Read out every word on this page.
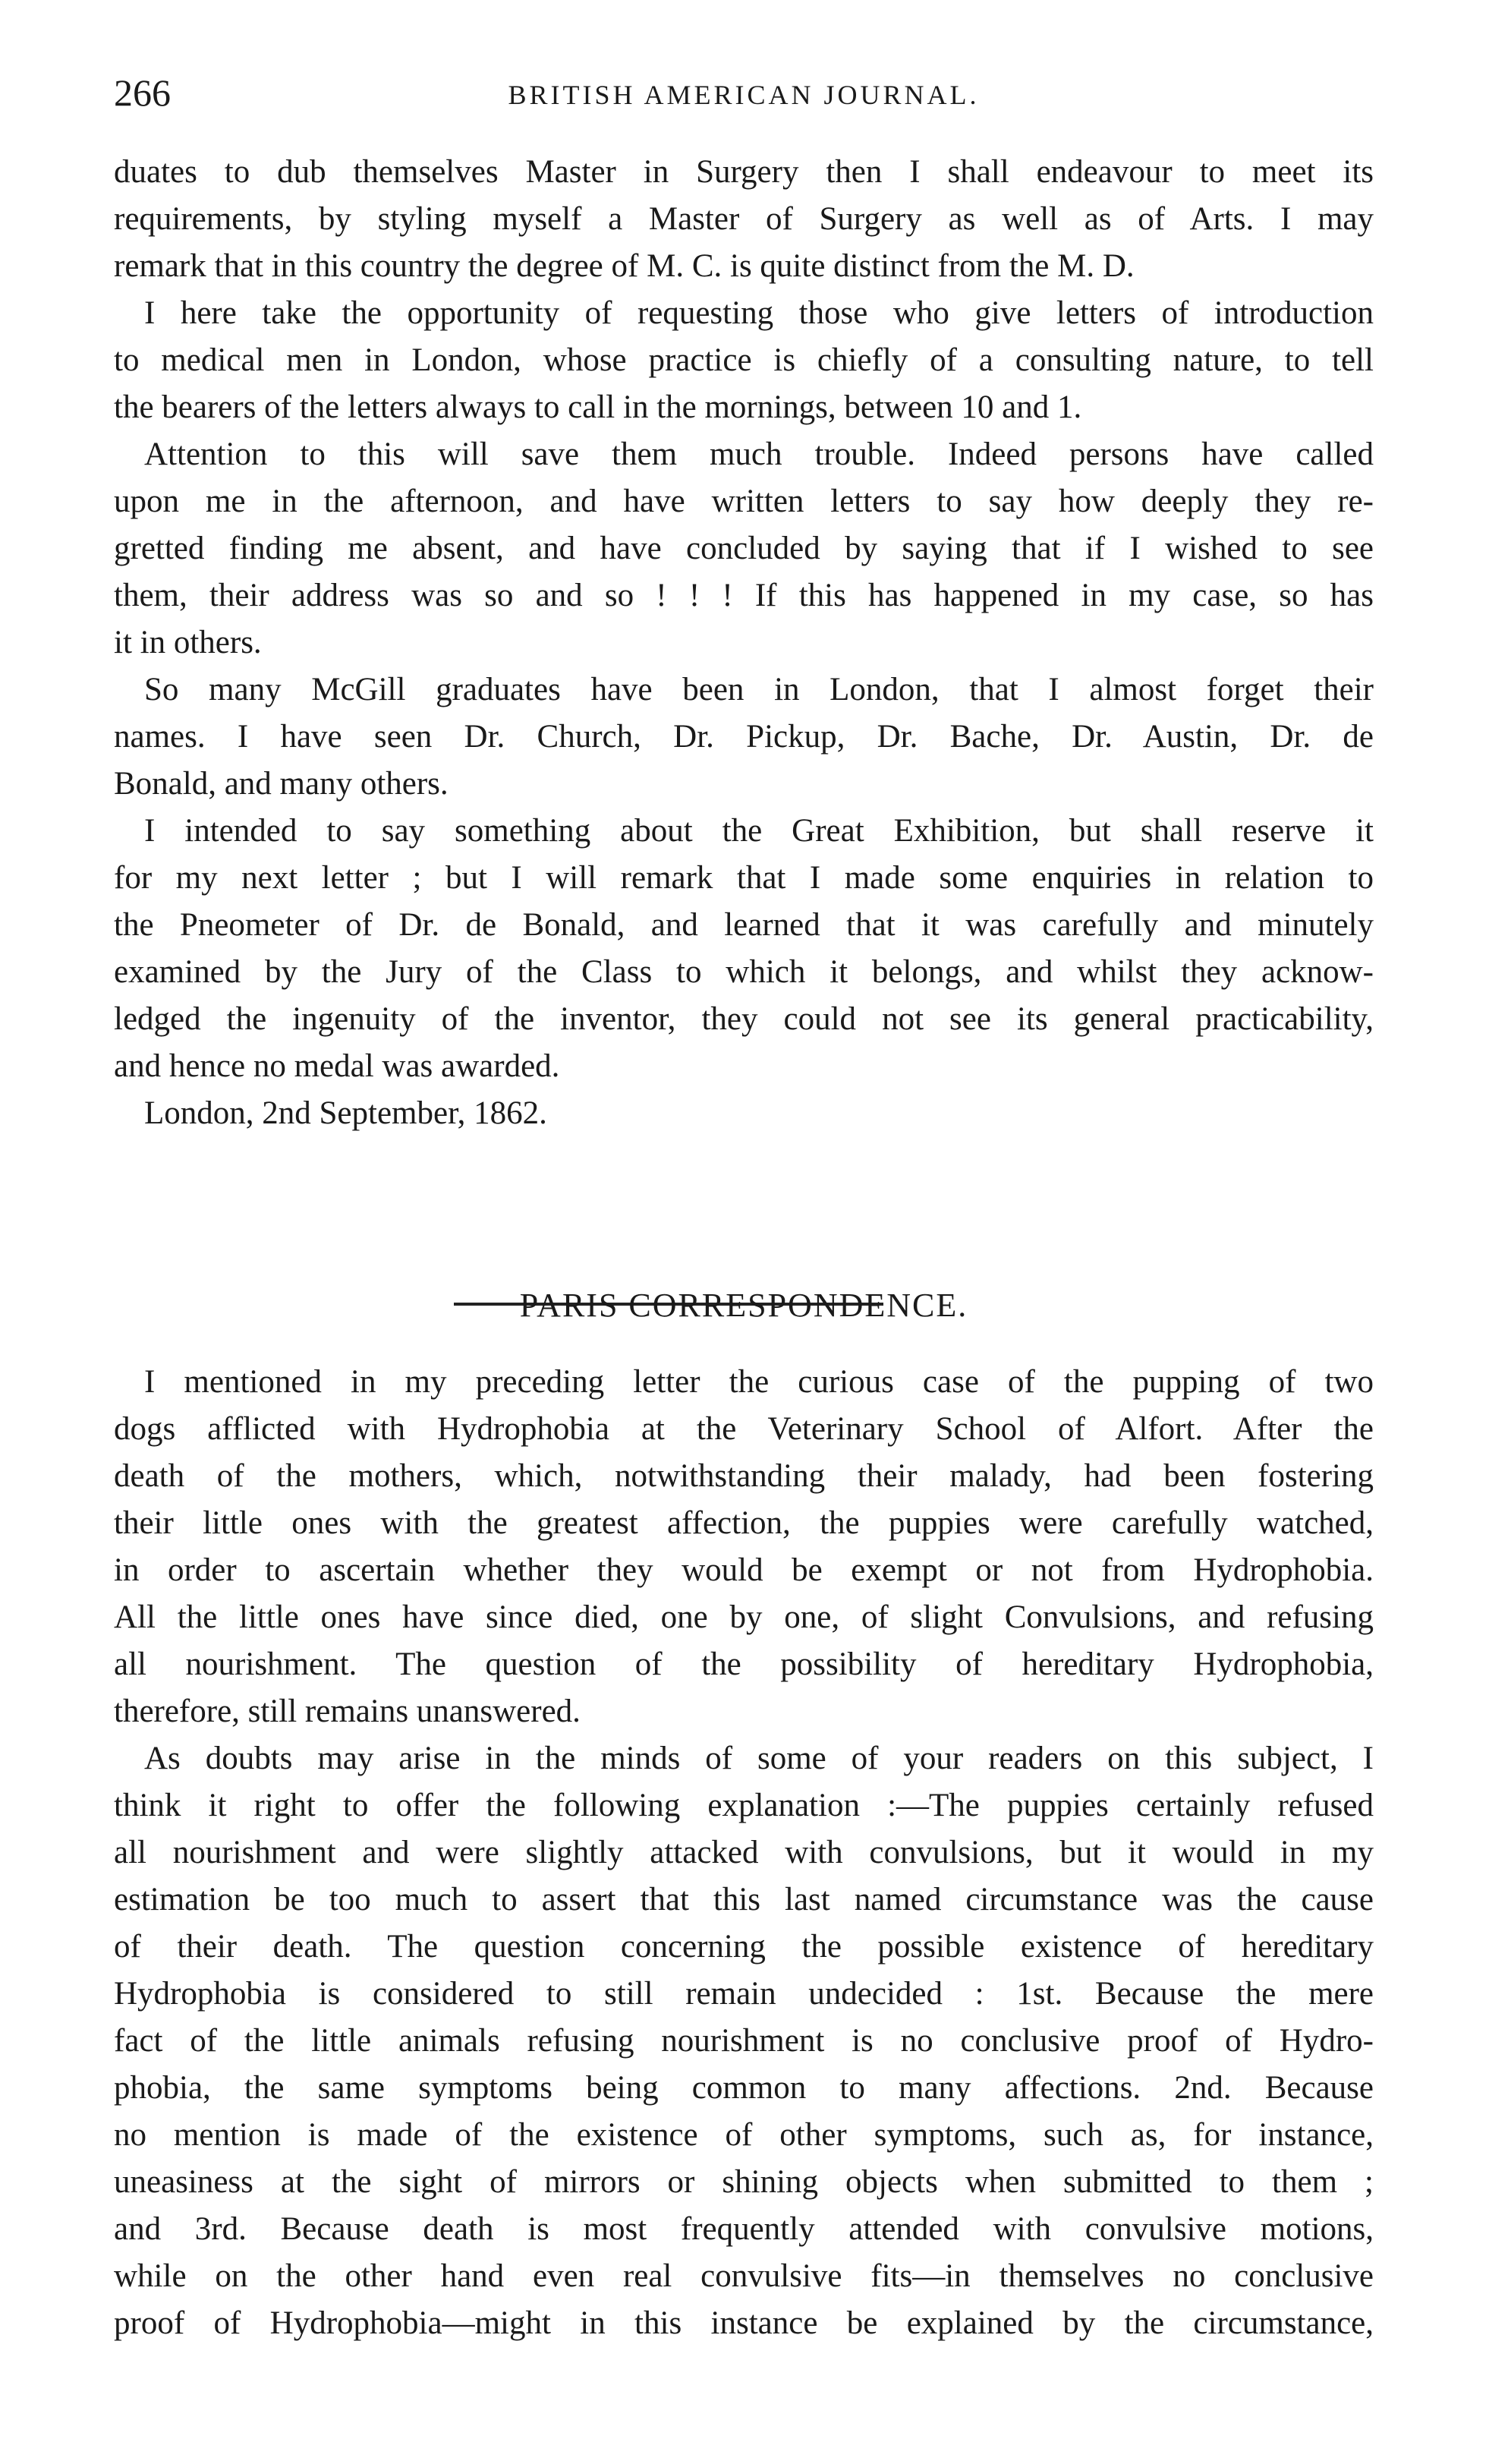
266	BRITISH AMERICAN JOURNAL.
duates to dub themselves Master in Surgery then I shall endeavour to meet its
requirements, by styling myself a Master of Surgery as well as of Arts. I may
remark that in this country the degree of M. C. is quite distinct from the M. D.
I here take the opportunity of requesting those who give letters of introduction
to medical men in London, whose practice is chiefly of a consulting nature, to tell
the bearers of the letters always to call in the mornings, between 10 and 1.
Attention to this will save them much trouble. Indeed persons have called
upon me in the afternoon, and have written letters to say how deeply they re-
gretted finding me absent, and have concluded by saying that if I wished to see
them, their address was so and so ! ! ! If this has happened in my case, so has
it in others.
So many McGill graduates have been in London, that I almost forget their
names. I have seen Dr. Church, Dr. Pickup, Dr. Bache, Dr. Austin, Dr. de
Bonald, and many others.
I intended to say something about the Great Exhibition, but shall reserve it
for my next letter ; but I will remark that I made some enquiries in relation to
the Pneometer of Dr. de Bonald, and learned that it was carefully and minutely
examined by the Jury of the Class to which it belongs, and whilst they acknow-
ledged the ingenuity of the inventor, they could not see its general practicability,
and hence no medal was awarded.
London, 2nd September, 1862.
PARIS CORRESPONDENCE.
I mentioned in my preceding letter the curious case of the pupping of two
dogs afflicted with Hydrophobia at the Veterinary School of Alfort. After the
death of the mothers, which, notwithstanding their malady, had been fostering
their little ones with the greatest affection, the puppies were carefully watched,
in order to ascertain whether they would be exempt or not from Hydrophobia.
All the little ones have since died, one by one, of slight Convulsions, and refusing
all nourishment. The question of the possibility of hereditary Hydrophobia,
therefore, still remains unanswered.
As doubts may arise in the minds of some of your readers on this subject, I
think it right to offer the following explanation :—The puppies certainly refused
all nourishment and were slightly attacked with convulsions, but it would in my
estimation be too much to assert that this last named circumstance was the cause
of their death. The question concerning the possible existence of hereditary
Hydrophobia is considered to still remain undecided : 1st. Because the mere
fact of the little animals refusing nourishment is no conclusive proof of Hydro-
phobia, the same symptoms being common to many affections. 2nd. Because
no mention is made of the existence of other symptoms, such as, for instance,
uneasiness at the sight of mirrors or shining objects when submitted to them ;
and 3rd. Because death is most frequently attended with convulsive motions,
while on the other hand even real convulsive fits—in themselves no conclusive
proof of Hydrophobia—might in this instance be explained by the circumstance,
